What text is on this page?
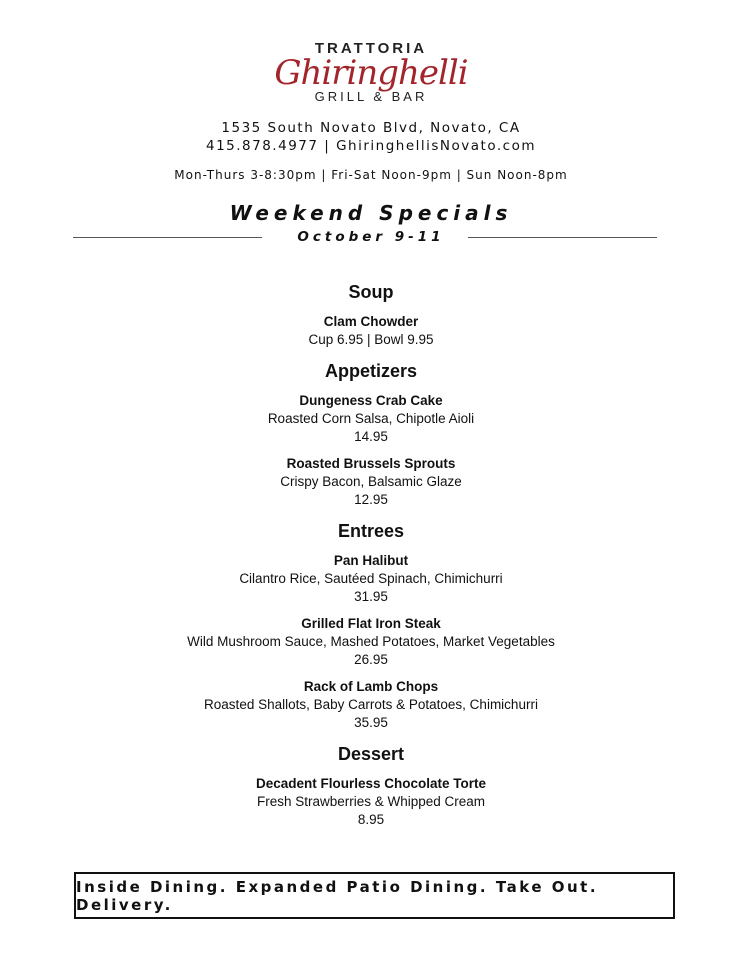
TRATTORIA
Ghiringhelli
GRILL & BAR
1535 South Novato Blvd, Novato, CA
415.878.4977 | GhiringhellisNovato.com
Mon-Thurs 3-8:30pm | Fri-Sat Noon-9pm | Sun Noon-8pm
Weekend Specials
October 9-11
Soup
Clam Chowder
Cup 6.95 | Bowl 9.95
Appetizers
Dungeness Crab Cake
Roasted Corn Salsa, Chipotle Aioli
14.95
Roasted Brussels Sprouts
Crispy Bacon, Balsamic Glaze
12.95
Entrees
Pan Halibut
Cilantro Rice, Sautéed Spinach, Chimichurri
31.95
Grilled Flat Iron Steak
Wild Mushroom Sauce, Mashed Potatoes, Market Vegetables
26.95
Rack of Lamb Chops
Roasted Shallots, Baby Carrots & Potatoes, Chimichurri
35.95
Dessert
Decadent Flourless Chocolate Torte
Fresh Strawberries & Whipped Cream
8.95
Inside Dining. Expanded Patio Dining. Take Out. Delivery.
